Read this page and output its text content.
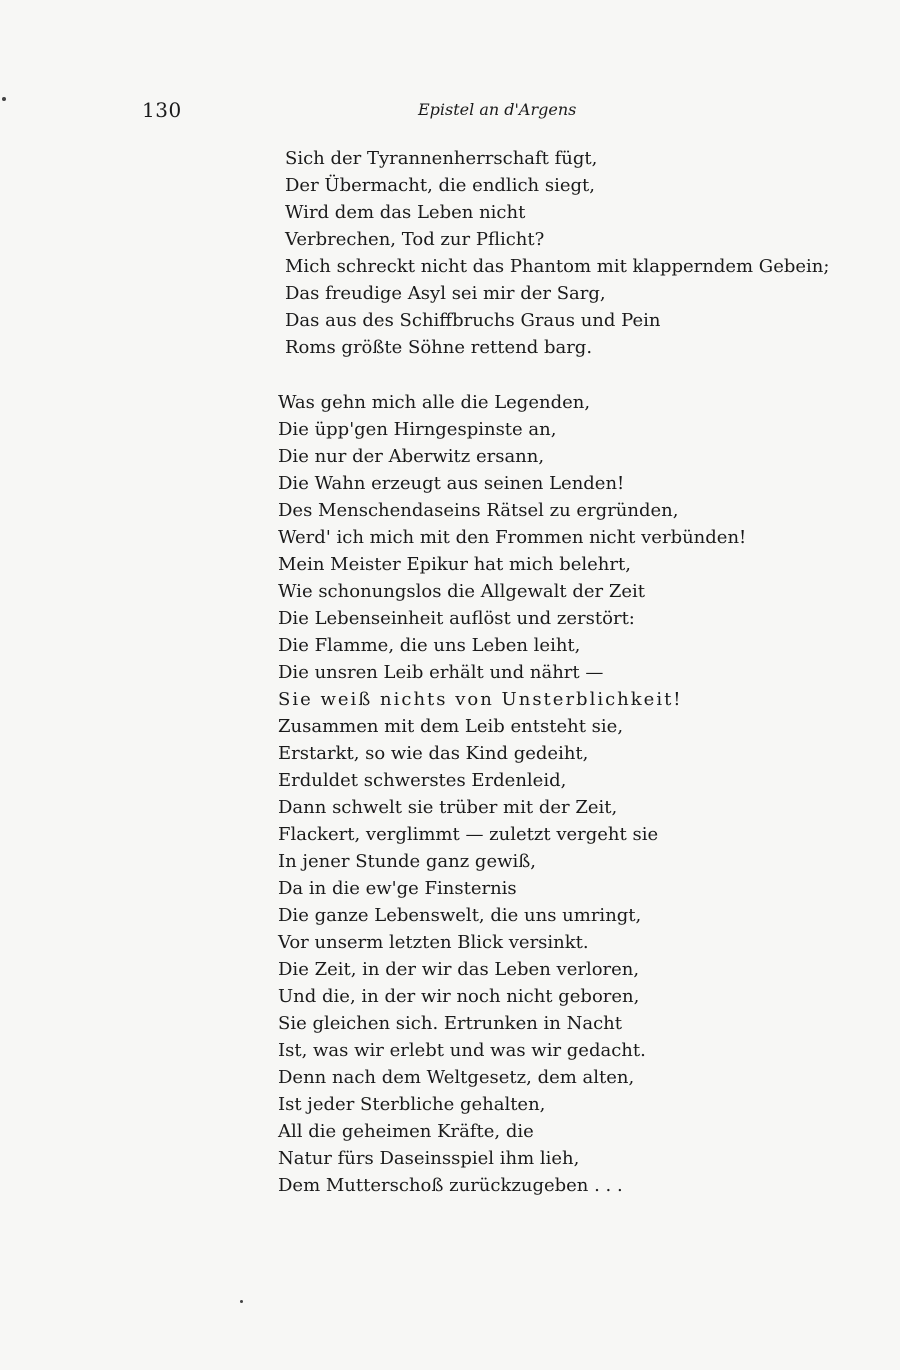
130	Epistel an d'Argens
Sich der Tyrannenherrschaft fügt,
Der Übermacht, die endlich siegt,
Wird dem das Leben nicht
Verbrechen, Tod zur Pflicht?
Mich schreckt nicht das Phantom mit klapperndem Gebein;
Das freudige Asyl sei mir der Sarg,
Das aus des Schiffbruchs Graus und Pein
Roms größte Söhne rettend barg.
Was gehn mich alle die Legenden,
Die üpp'gen Hirngespinste an,
Die nur der Aberwitz ersann,
Die Wahn erzeugt aus seinen Lenden!
Des Menschendaseins Rätsel zu ergründen,
Werd' ich mich mit den Frommen nicht verbünden!
Mein Meister Epikur hat mich belehrt,
Wie schonungslos die Allgewalt der Zeit
Die Lebenseinheit auflöst und zerstört:
Die Flamme, die uns Leben leiht,
Die unsren Leib erhält und nährt —
Sie weiß nichts von Unsterblichkeit!
Zusammen mit dem Leib entsteht sie,
Erstarkt, so wie das Kind gedeiht,
Erduldet schwerstes Erdenleid,
Dann schwelt sie trüber mit der Zeit,
Flackert, verglimmt — zuletzt vergeht sie
In jener Stunde ganz gewiß,
Da in die ew'ge Finsternis
Die ganze Lebenswelt, die uns umringt,
Vor unserm letzten Blick versinkt.
Die Zeit, in der wir das Leben verloren,
Und die, in der wir noch nicht geboren,
Sie gleichen sich. Ertrunken in Nacht
Ist, was wir erlebt und was wir gedacht.
Denn nach dem Weltgesetz, dem alten,
Ist jeder Sterbliche gehalten,
All die geheimen Kräfte, die
Natur fürs Daseinsspiel ihm lieh,
Dem Mutterschoß zurückzugeben . . .
